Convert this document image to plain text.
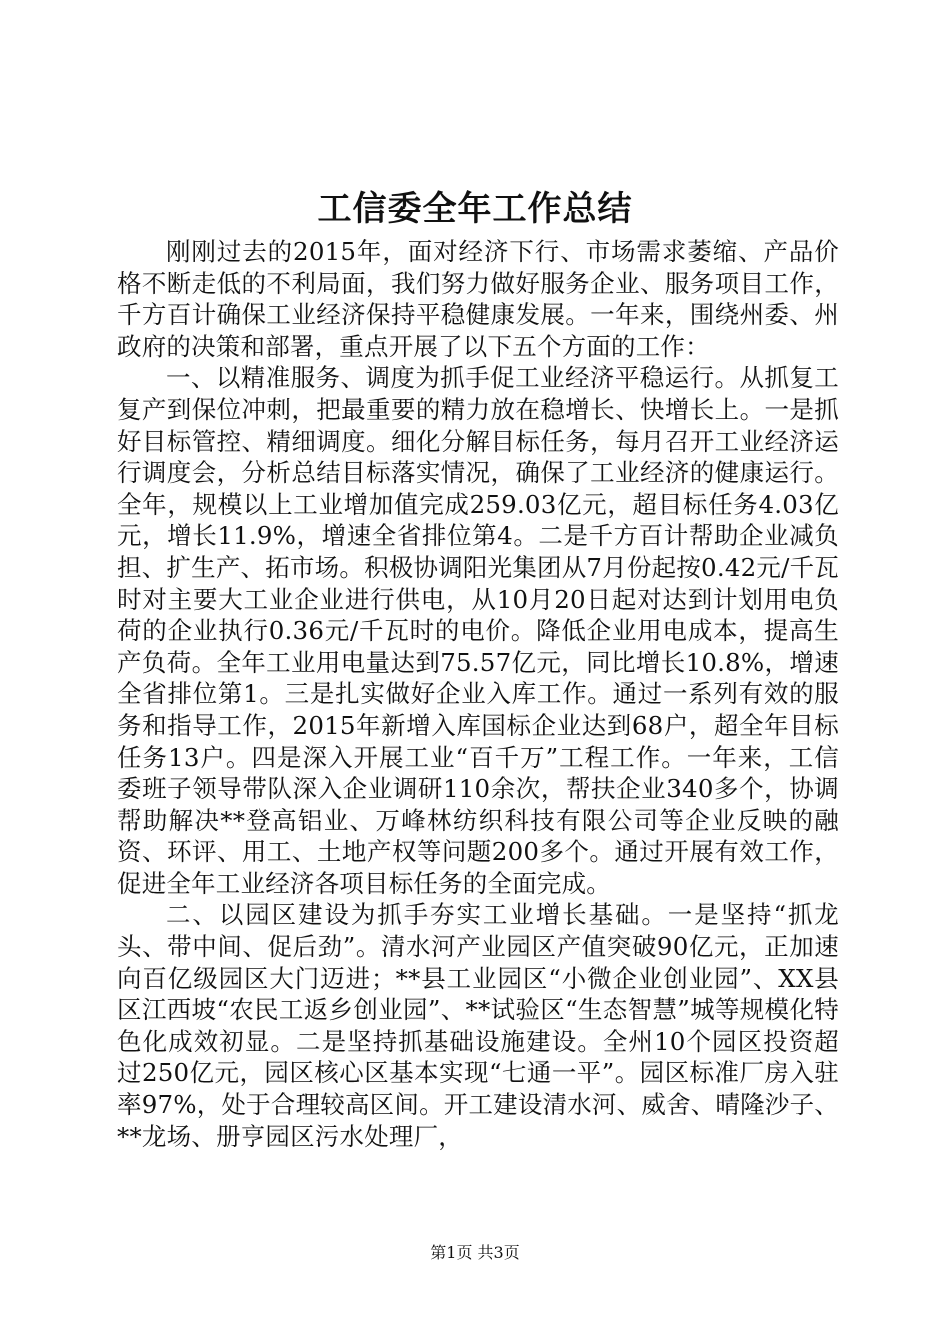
工信委全年工作总结

刚刚过去的2015年，面对经济下行、市场需求萎缩、产品价格不断走低的不利局面，我们努力做好服务企业、服务项目工作，千方百计确保工业经济保持平稳健康发展。一年来，围绕州委、州政府的决策和部署，重点开展了以下五个方面的工作：

一、以精准服务、调度为抓手促工业经济平稳运行。从抓复工复产到保位冲刺，把最重要的精力放在稳增长、快增长上。一是抓好目标管控、精细调度。细化分解目标任务，每月召开工业经济运行调度会，分析总结目标落实情况，确保了工业经济的健康运行。全年，规模以上工业增加值完成259.03亿元，超目标任务4.03亿元，增长11.9%，增速全省排位第4。二是千方百计帮助企业减负担、扩生产、拓市场。积极协调阳光集团从7月份起按0.42元/千瓦时对主要大工业企业进行供电，从10月20日起对达到计划用电负荷的企业执行0.36元/千瓦时的电价。降低企业用电成本，提高生产负荷。全年工业用电量达到75.57亿元，同比增长10.8%，增速全省排位第1。三是扎实做好企业入库工作。通过一系列有效的服务和指导工作，2015年新增入库国标企业达到68户，超全年目标任务13户。四是深入开展工业“百千万”工程工作。一年来，工信委班子领导带队深入企业调研110余次，帮扶企业340多个，协调帮助解决**登高铝业、万峰林纺织科技有限公司等企业反映的融资、环评、用工、土地产权等问题200多个。通过开展有效工作，促进全年工业经济各项目标任务的全面完成。

二、以园区建设为抓手夯实工业增长基础。一是坚持“抓龙头、带中间、促后劲”。清水河产业园区产值突破90亿元，正加速向百亿级园区大门迈进；**县工业园区“小微企业创业园”、XX县区江西坡“农民工返乡创业园”、**试验区“生态智慧”城等规模化特色化成效初显。二是坚持抓基础设施建设。全州10个园区投资超过250亿元，园区核心区基本实现“七通一平”。园区标准厂房入驻率97%，处于合理较高区间。开工建设清水河、威舍、晴隆沙子、**龙场、册亨园区污水处理厂，

第1页 共3页
